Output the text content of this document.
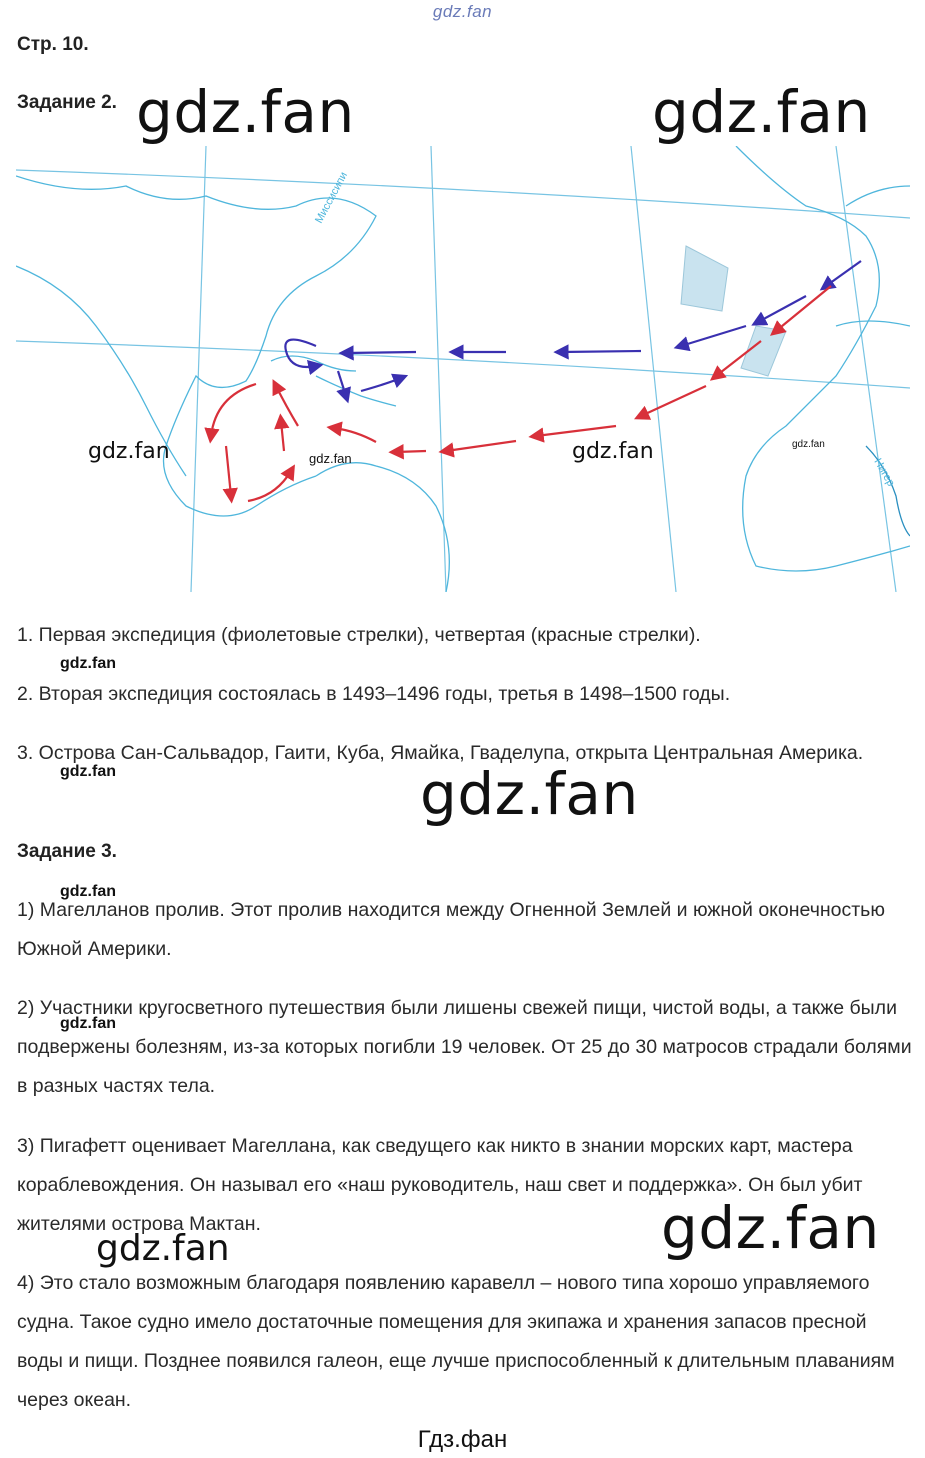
gdz.fan
Стр. 10.
Задание 2.
Миссисипи
Нигер
gdz.fan	gdz.fan
gdz.fan	gdz.fan	gdz.fan	gdz.fan
1. Первая экспедиция (фиолетовые стрелки), четвертая (красные стрелки).
gdz.fan
2. Вторая экспедиция состоялась в 1493–1496 годы, третья в 1498–1500 годы.
3. Острова Сан-Сальвадор, Гаити, Куба, Ямайка, Гваделупа, открыта Центральная Америка.
gdz.fan	gdz.fan
Задание 3.
gdz.fan
1) Магелланов пролив. Этот пролив находится между Огненной Землей и южной оконечностью Южной Америки.
2) Участники кругосветного путешествия были лишены свежей пищи, чистой воды, а также были подвержены болезням, из-за которых погибли 19 человек. От 25 до 30 матросов страдали болями в разных частях тела.
gdz.fan
3) Пигафетт оценивает Магеллана, как сведущего как никто в знании морских карт, мастера кораблевождения. Он называл его «наш руководитель, наш свет и поддержка». Он был убит жителями острова Мактан.	gdz.fan
gdz.fan
4) Это стало возможным благодаря появлению каравелл – нового типа хорошо управляемого судна. Такое судно имело достаточные помещения для экипажа и хранения запасов пресной воды и пищи. Позднее появился галеон, еще лучше приспособленный к длительным плаваниям через океан.
Гдз.фан
